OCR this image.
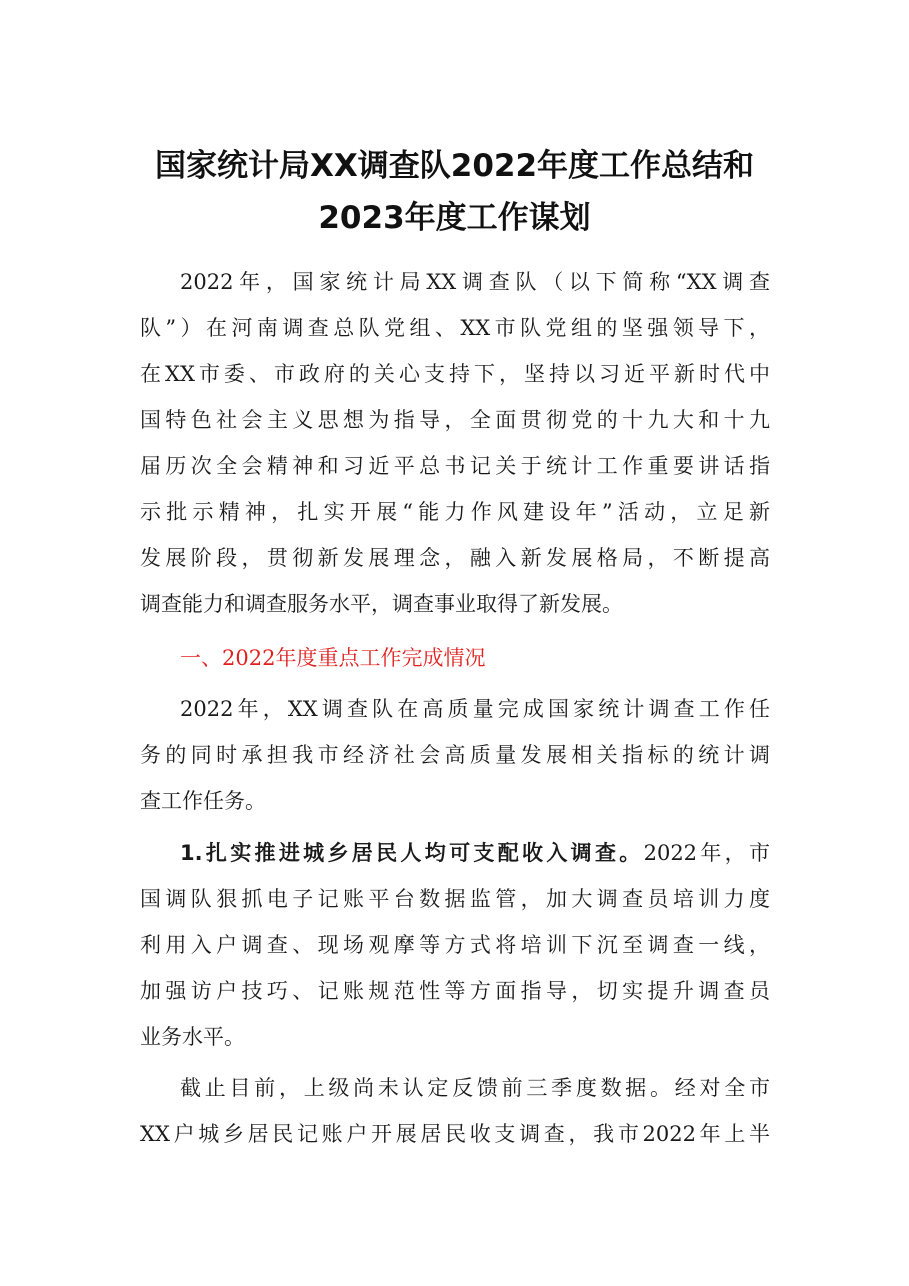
国家统计局XX调查队2022年度工作总结和
2023年度工作谋划
2022年，国家统计局XX调查队（以下简称“XX调查
队”）在河南调查总队党组、XX市队党组的坚强领导下，
在XX市委、市政府的关心支持下，坚持以习近平新时代中
国特色社会主义思想为指导，全面贯彻党的十九大和十九
届历次全会精神和习近平总书记关于统计工作重要讲话指
示批示精神，扎实开展“能力作风建设年”活动，立足新
发展阶段，贯彻新发展理念，融入新发展格局，不断提高
调查能力和调查服务水平，调查事业取得了新发展。
一、2022年度重点工作完成情况
2022年，XX调查队在高质量完成国家统计调查工作任
务的同时承担我市经济社会高质量发展相关指标的统计调
查工作任务。
1.扎实推进城乡居民人均可支配收入调查。2022年，市
国调队狠抓电子记账平台数据监管，加大调查员培训力度
利用入户调查、现场观摩等方式将培训下沉至调查一线，
加强访户技巧、记账规范性等方面指导，切实提升调查员
业务水平。
截止目前，上级尚未认定反馈前三季度数据。经对全市
XX户城乡居民记账户开展居民收支调查，我市2022年上半
